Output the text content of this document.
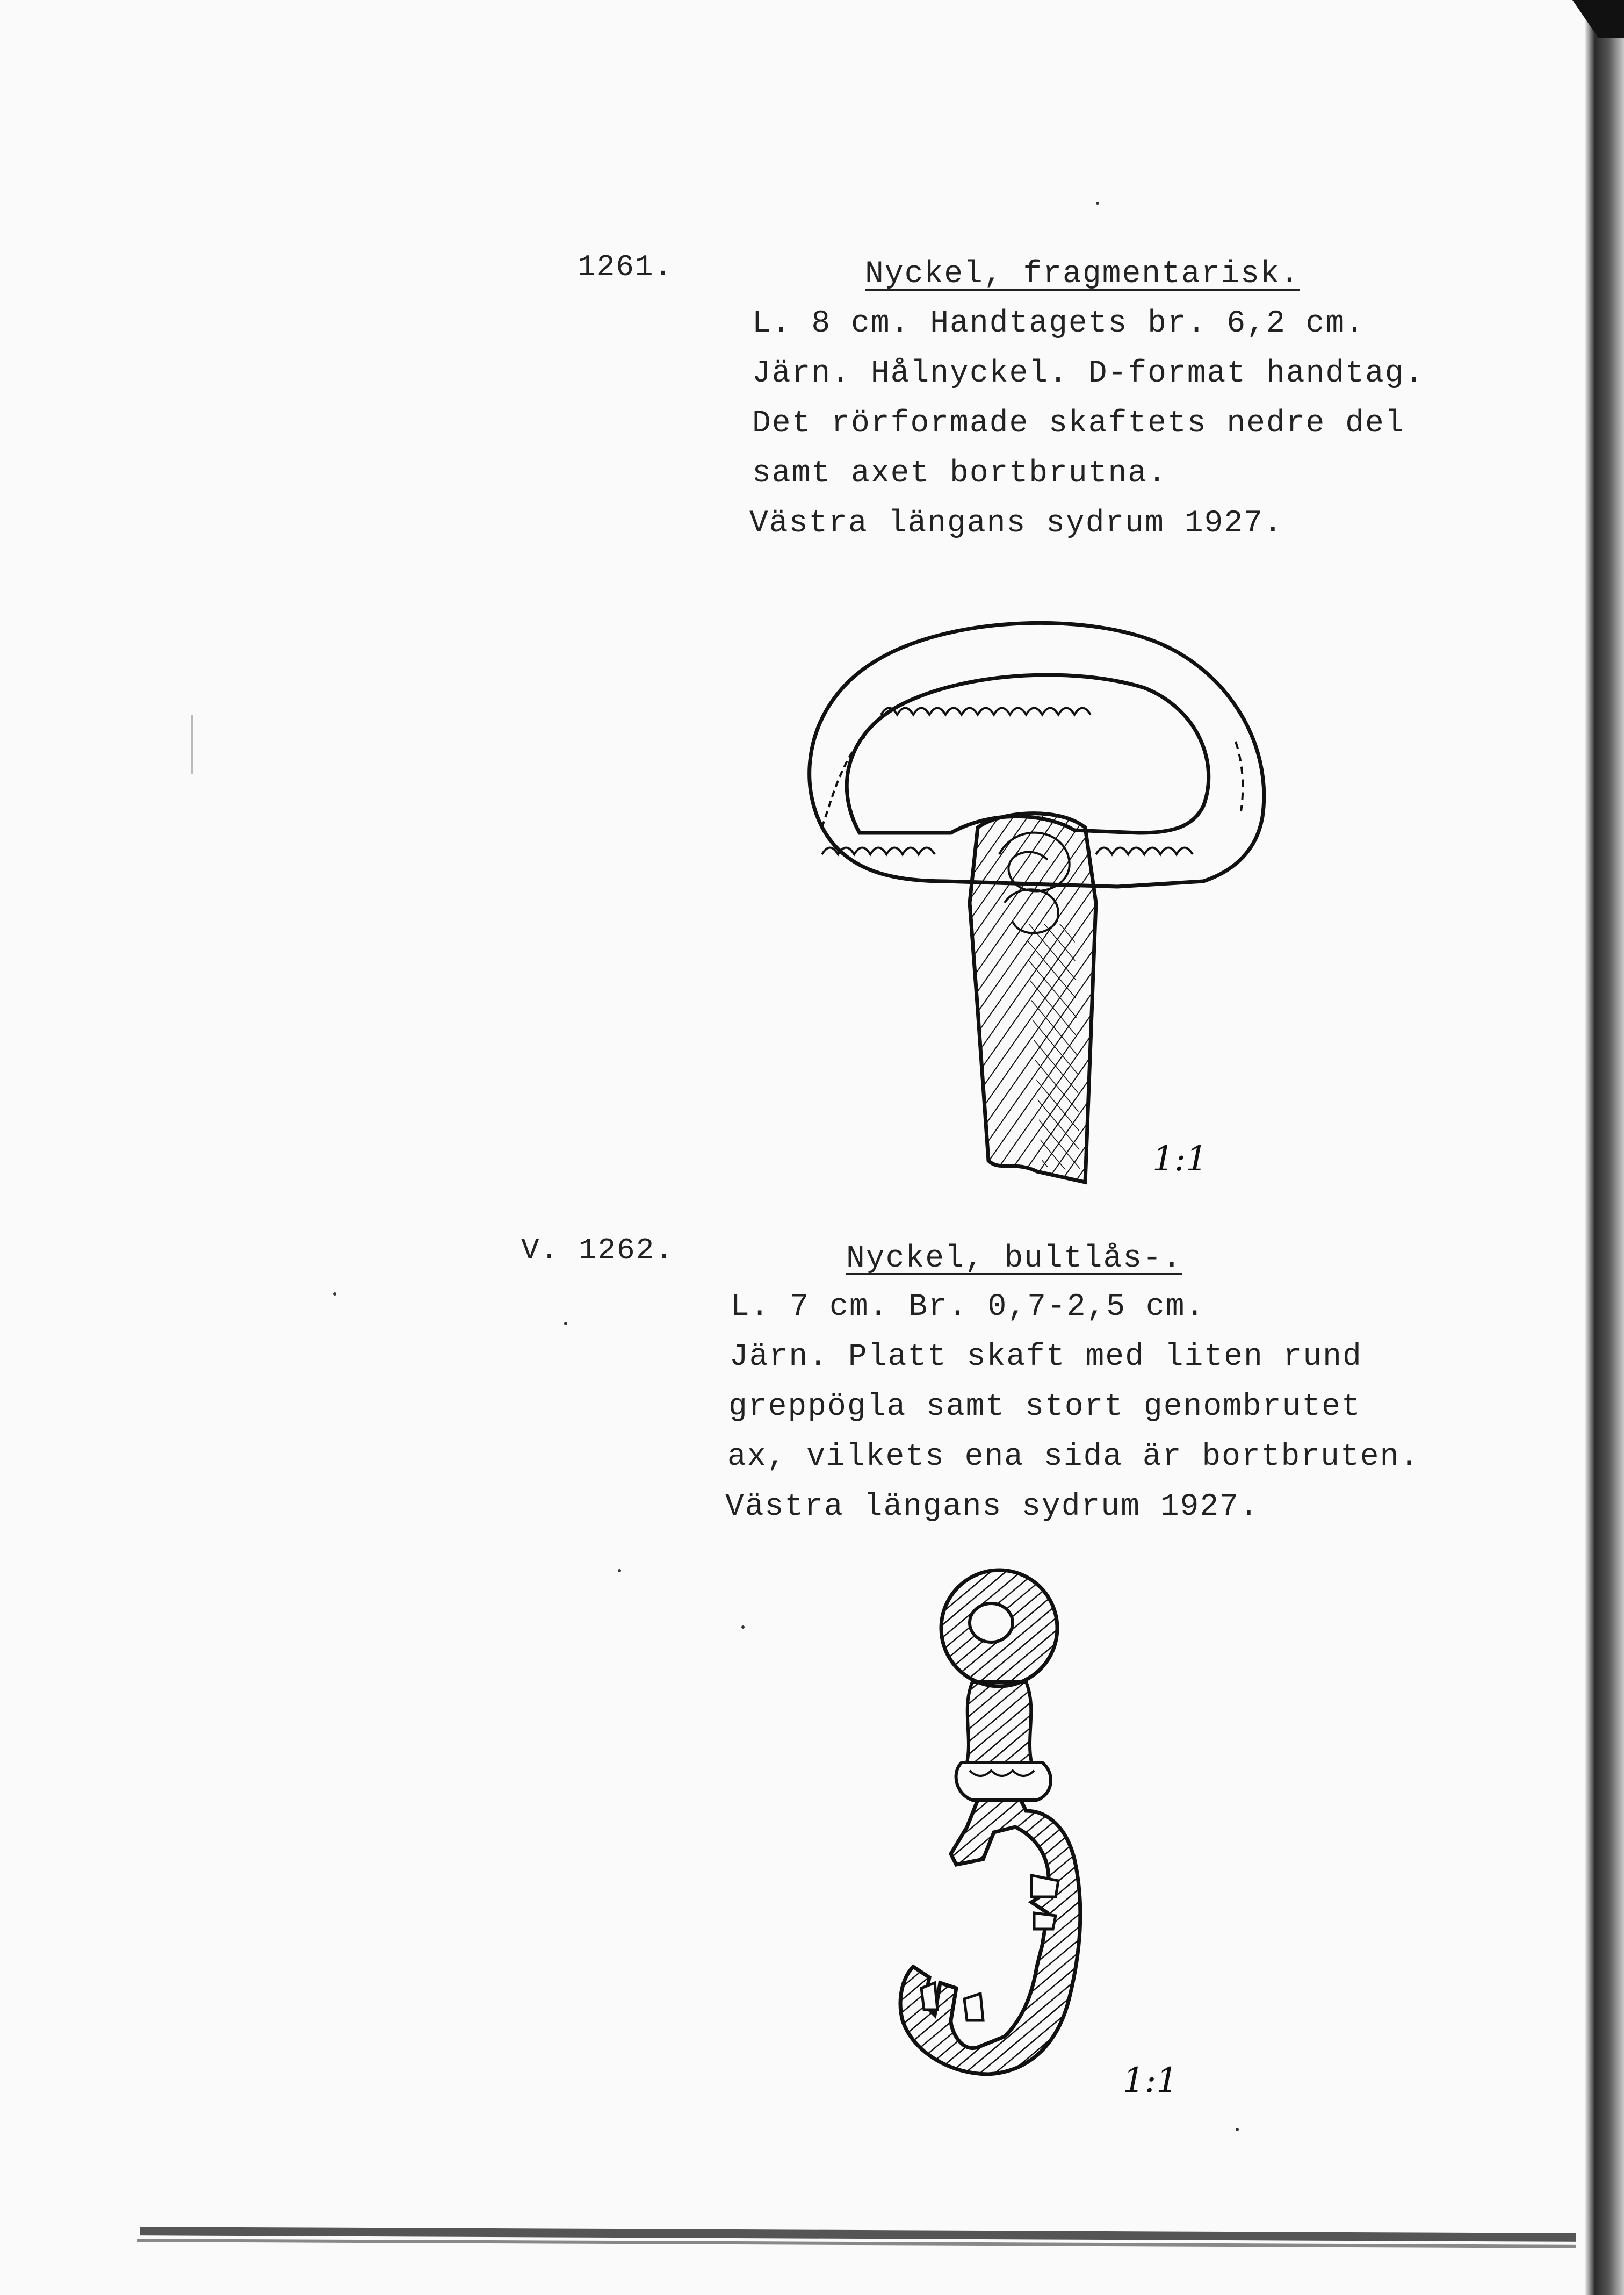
1261.	Nyckel, fragmentarisk.
L. 8 cm. Handtagets br. 6,2 cm.
Järn. Hålnyckel. D-format handtag.
Det rörformade skaftets nedre del
samt axet bortbrutna.
Västra längans sydrum 1927.
1:1
V. 1262.	Nyckel, bultlås-.
L. 7 cm. Br. 0,7-2,5 cm.
Järn. Platt skaft med liten rund
greppögla samt stort genombrutet
ax, vilkets ena sida är bortbruten.
Västra längans sydrum 1927.
1:1
